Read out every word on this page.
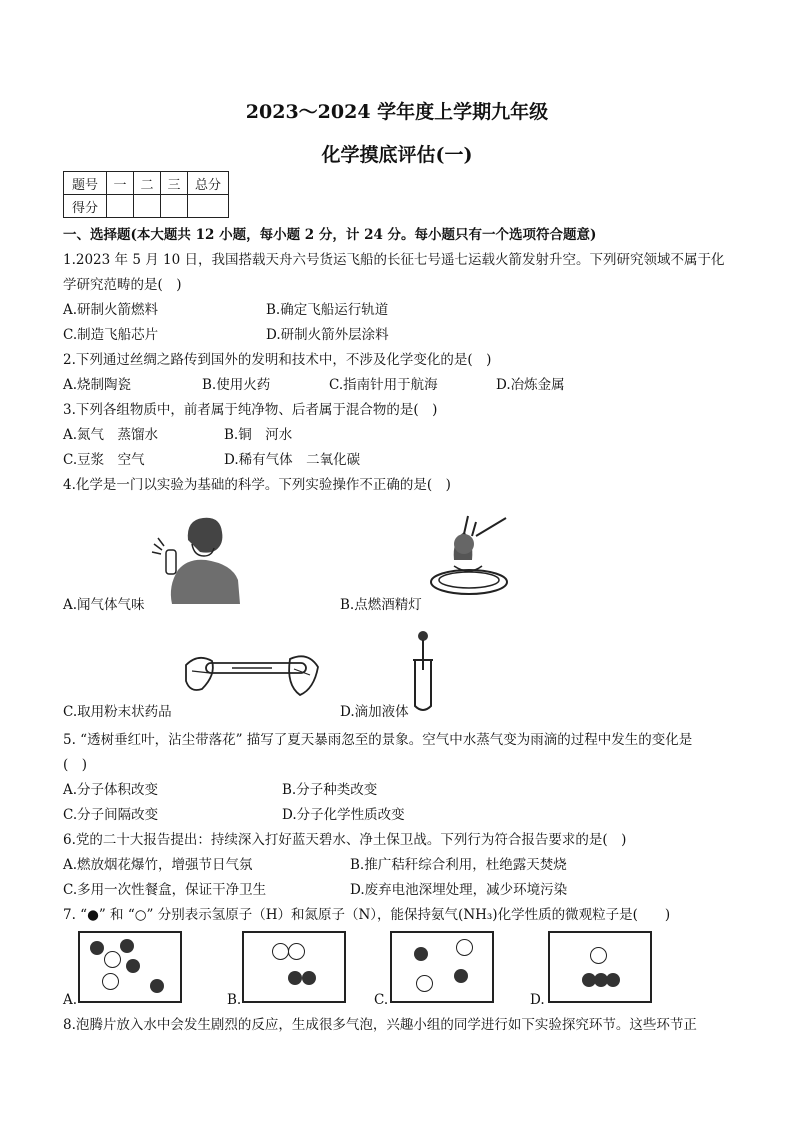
2023～2024 学年度上学期九年级
化学摸底评估(一)
题号	一	二	三	总分
得分				
一、选择题(本大题共 12 小题，每小题 2 分，计 24 分。每小题只有一个选项符合题意)
1.2023 年 5 月 10 日，我国搭载天舟六号货运飞船的长征七号遥七运载火箭发射升空。下列研究领域不属于化
学研究范畴的是(　)
A.研制火箭燃料	B.确定飞船运行轨道
C.制造飞船芯片	D.研制火箭外层涂料
2.下列通过丝绸之路传到国外的发明和技术中，不涉及化学变化的是(　)
A.烧制陶瓷	B.使用火药	C.指南针用于航海	D.冶炼金属
3.下列各组物质中，前者属于纯净物、后者属于混合物的是(　)
A.氮气　蒸馏水	B.铜　河水
C.豆浆　空气	D.稀有气体　二氧化碳
4.化学是一门以实验为基础的科学。下列实验操作不正确的是(　)
A.闻气体气味	B.点燃酒精灯
C.取用粉末状药品	D.滴加液体
5. “透树垂红叶，沾尘带落花” 描写了夏天暴雨忽至的景象。空气中水蒸气变为雨滴的过程中发生的变化是
(　)
A.分子体积改变	B.分子种类改变
C.分子间隔改变	D.分子化学性质改变
6.党的二十大报告提出：持续深入打好蓝天碧水、净土保卫战。下列行为符合报告要求的是(　)
A.燃放烟花爆竹，增强节日气氛	B.推广秸秆综合利用，杜绝露天焚烧
C.多用一次性餐盒，保证干净卫生	D.废弃电池深埋处理，减少环境污染
7. “●” 和 “○” 分别表示氢原子（H）和氮原子（N），能保持氨气(NH₃)化学性质的微观粒子是(　　)
A.	B.	C.	D.
8.泡腾片放入水中会发生剧烈的反应，生成很多气泡，兴趣小组的同学进行如下实验探究环节。这些环节正
